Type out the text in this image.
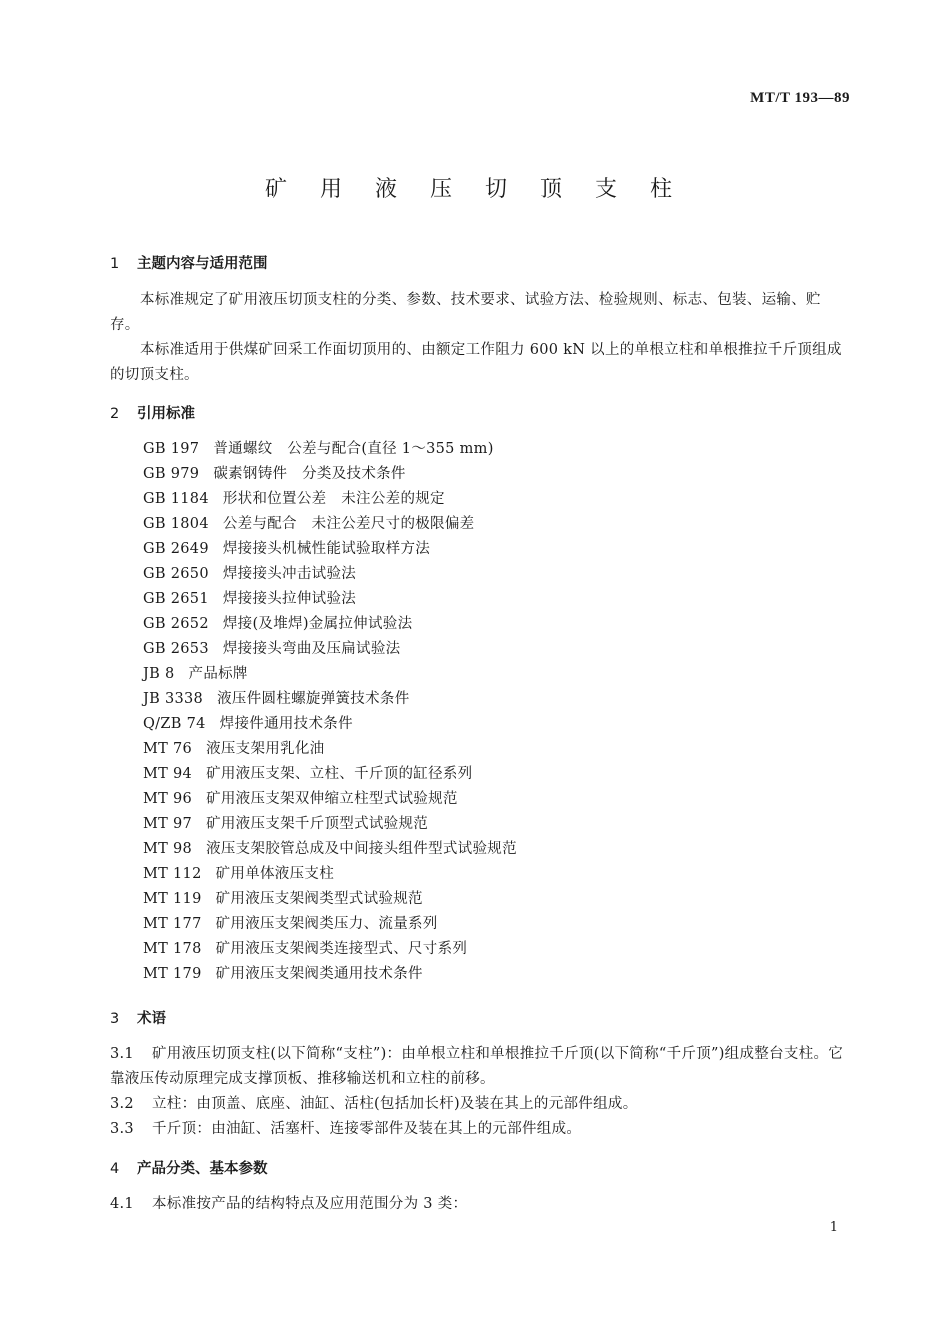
MT/T 193—89
矿 用 液 压 切 顶 支 柱
1 主题内容与适用范围

本标准规定了矿用液压切顶支柱的分类、参数、技术要求、试验方法、检验规则、标志、包装、运输、贮存。

本标准适用于供煤矿回采工作面切顶用的、由额定工作阻力 600 kN 以上的单根立柱和单根推拉千斤顶组成的切顶支柱。

2 引用标准
GB 197 普通螺纹　公差与配合(直径 1～355 mm)
GB 979 碳素钢铸件　分类及技术条件
GB 1184 形状和位置公差　未注公差的规定
GB 1804 公差与配合　未注公差尺寸的极限偏差
GB 2649 焊接接头机械性能试验取样方法
GB 2650 焊接接头冲击试验法
GB 2651 焊接接头拉伸试验法
GB 2652 焊接(及堆焊)金属拉伸试验法
GB 2653 焊接接头弯曲及压扁试验法
JB 8 产品标牌
JB 3338 液压件圆柱螺旋弹簧技术条件
Q/ZB 74 焊接件通用技术条件
MT 76 液压支架用乳化油
MT 94 矿用液压支架、立柱、千斤顶的缸径系列
MT 96 矿用液压支架双伸缩立柱型式试验规范
MT 97 矿用液压支架千斤顶型式试验规范
MT 98 液压支架胶管总成及中间接头组件型式试验规范
MT 112 矿用单体液压支柱
MT 119 矿用液压支架阀类型式试验规范
MT 177 矿用液压支架阀类压力、流量系列
MT 178 矿用液压支架阀类连接型式、尺寸系列
MT 179 矿用液压支架阀类通用技术条件
3 术语

3.1 矿用液压切顶支柱(以下简称“支柱”)：由单根立柱和单根推拉千斤顶(以下简称“千斤顶”)组成整台支柱。它靠液压传动原理完成支撑顶板、推移输送机和立柱的前移。

3.2 立柱：由顶盖、底座、油缸、活柱(包括加长杆)及装在其上的元部件组成。

3.3 千斤顶：由油缸、活塞杆、连接零部件及装在其上的元部件组成。

4 产品分类、基本参数

4.1 本标准按产品的结构特点及应用范围分为 3 类：

1
